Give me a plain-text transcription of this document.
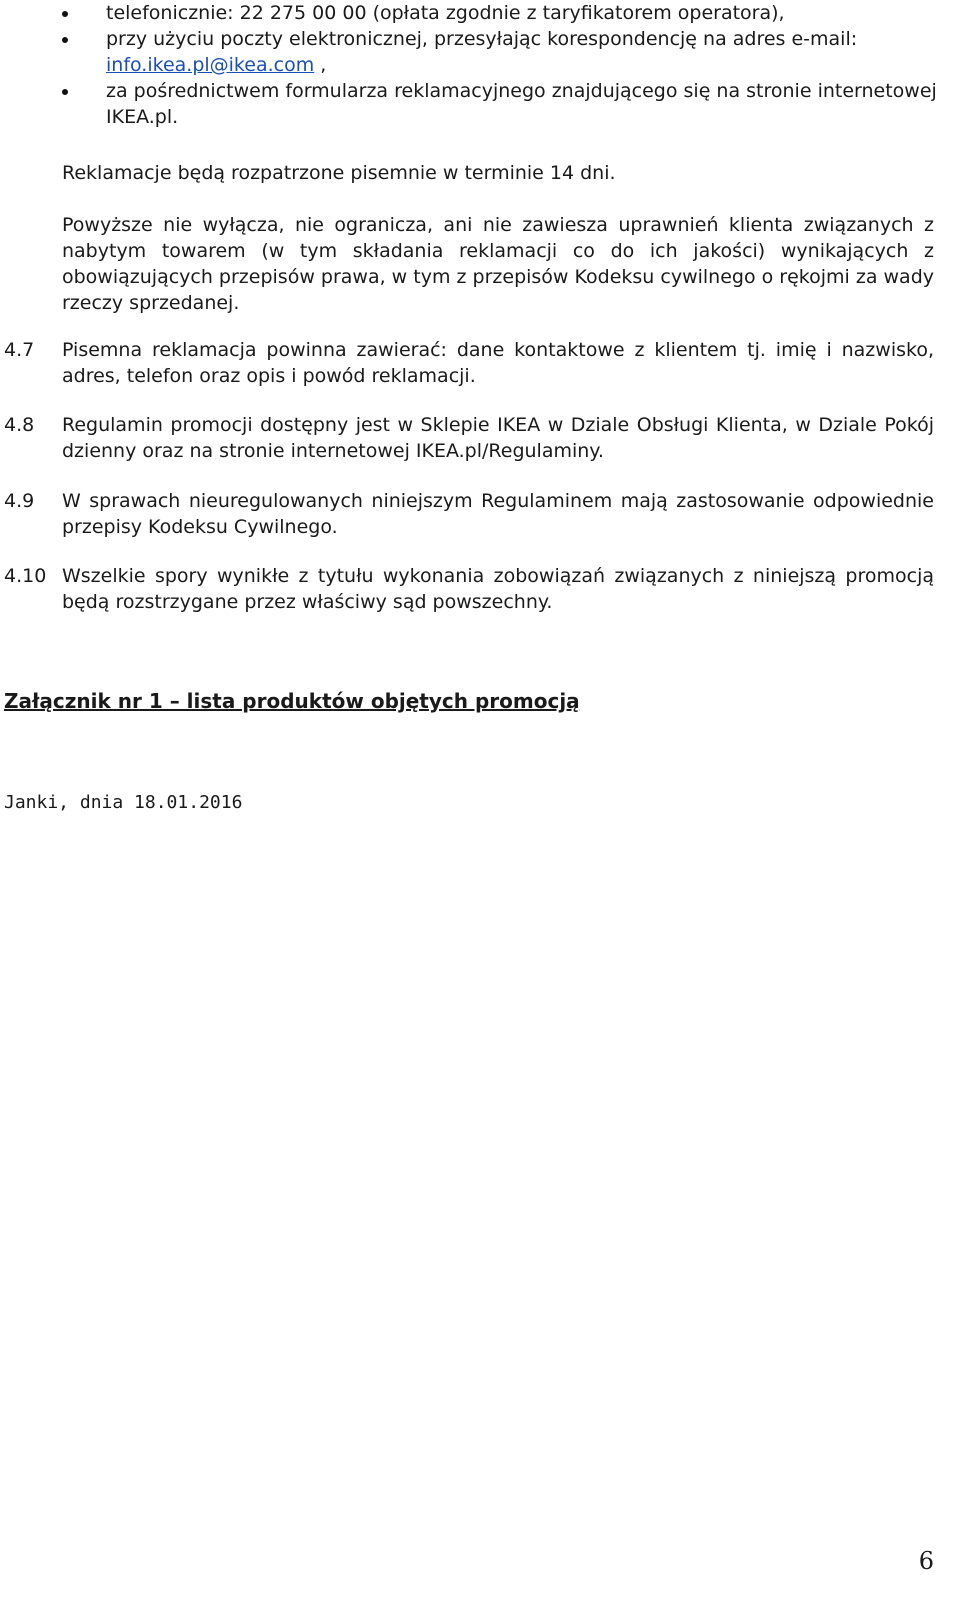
telefonicznie: 22 275 00 00 (opłata zgodnie z taryfikatorem operatora),
przy użyciu poczty elektronicznej, przesyłając korespondencję na adres e-mail:
info.ikea.pl@ikea.com ,
za pośrednictwem formularza reklamacyjnego znajdującego się na stronie internetowej IKEA.pl.
Reklamacje będą rozpatrzone pisemnie w terminie 14 dni.
Powyższe nie wyłącza, nie ogranicza, ani nie zawiesza uprawnień klienta związanych z nabytym towarem (w tym składania reklamacji co do ich jakości) wynikających z obowiązujących przepisów prawa, w tym z przepisów Kodeksu cywilnego o rękojmi za wady rzeczy sprzedanej.
4.7 Pisemna reklamacja powinna zawierać: dane kontaktowe z klientem tj. imię i nazwisko, adres, telefon oraz opis i powód reklamacji.
4.8 Regulamin promocji dostępny jest w Sklepie IKEA w Dziale Obsługi Klienta, w Dziale Pokój dzienny oraz na stronie internetowej IKEA.pl/Regulaminy.
4.9 W sprawach nieuregulowanych niniejszym Regulaminem mają zastosowanie odpowiednie przepisy Kodeksu Cywilnego.
4.10 Wszelkie spory wynikłe z tytułu wykonania zobowiązań związanych z niniejszą promocją będą rozstrzygane przez właściwy sąd powszechny.
Załącznik nr 1 – lista produktów objętych promocją
Janki, dnia 18.01.2016
6
